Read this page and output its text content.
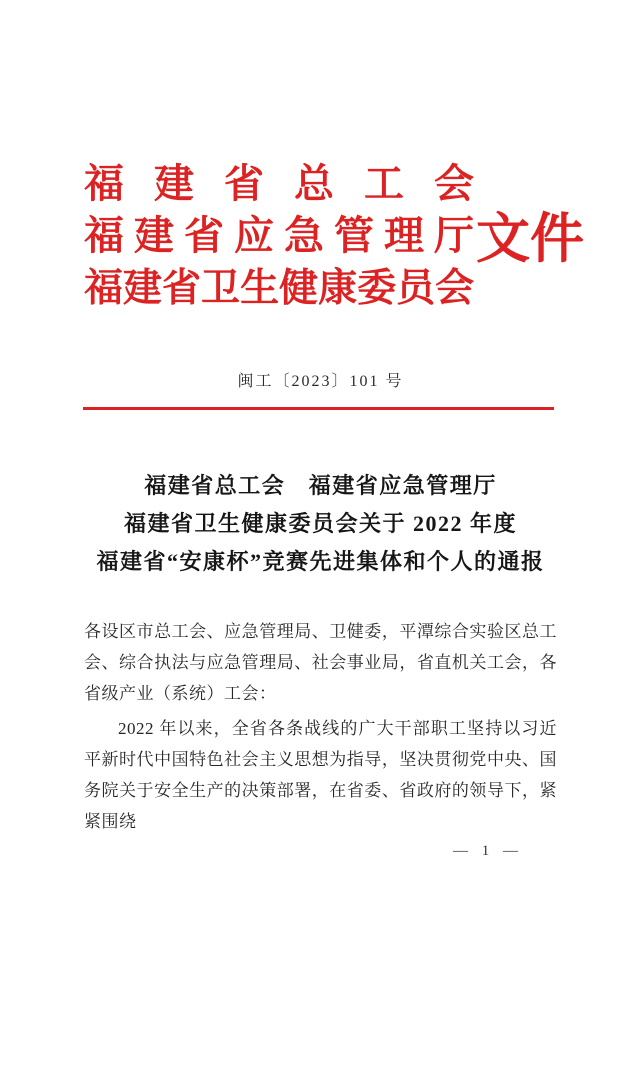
福 建 省 总 工 会
福 建 省 应 急 管 理 厅
福 建 省 卫 生 健 康 委 员 会
文件
闽工〔2023〕101 号
福建省总工会　福建省应急管理厅
福建省卫生健康委员会关于 2022 年度
福建省“安康杯”竞赛先进集体和个人的通报

各设区市总工会、应急管理局、卫健委，平潭综合实验区总工会、综合执法与应急管理局、社会事业局，省直机关工会，各省级产业（系统）工会：

2022 年以来，全省各条战线的广大干部职工坚持以习近平新时代中国特色社会主义思想为指导，坚决贯彻党中央、国务院关于安全生产的决策部署，在省委、省政府的领导下，紧紧围绕

— 1 —
